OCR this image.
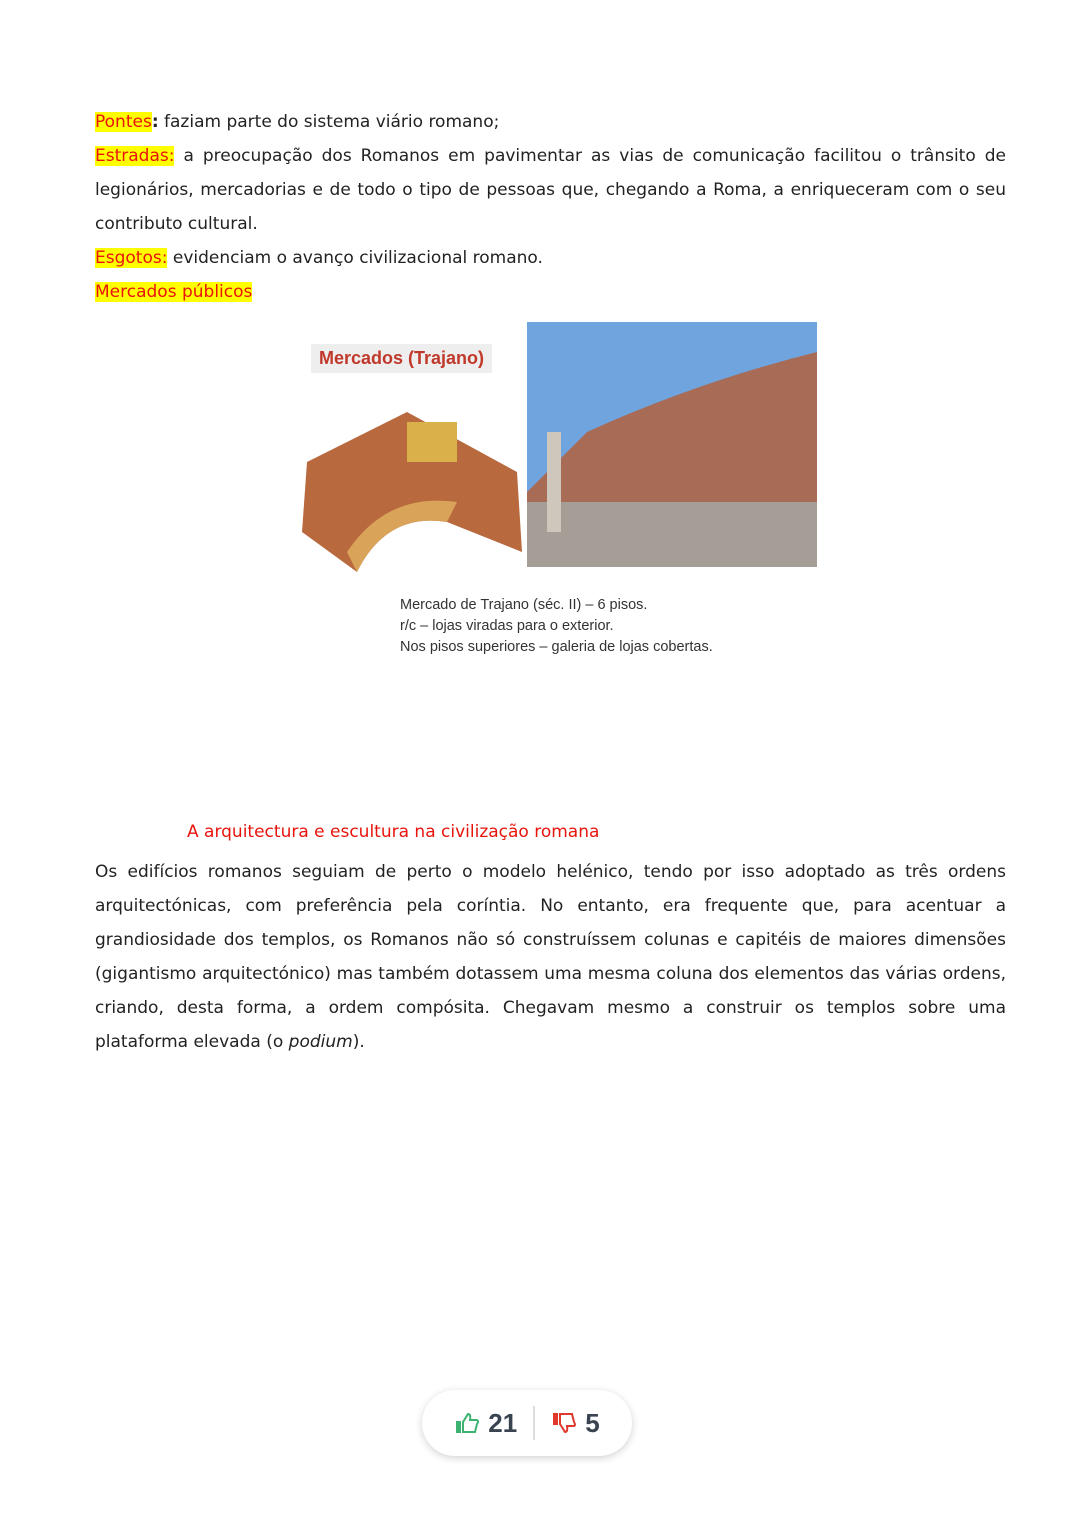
Pontes: faziam parte do sistema viário romano;
Estradas: a preocupação dos Romanos em pavimentar as vias de comunicação facilitou o trânsito de legionários, mercadorias e de todo o tipo de pessoas que, chegando a Roma, a enriqueceram com o seu contributo cultural.
Esgotos: evidenciam o avanço civilizacional romano.
Mercados públicos
Mercados (Trajano)
Mercado de Trajano (séc. II) – 6 pisos.
r/c – lojas viradas para o exterior.
Nos pisos superiores – galeria de lojas cobertas.
A arquitectura e escultura na civilização romana
Os edifícios romanos seguiam de perto o modelo helénico, tendo por isso adoptado as três ordens arquitectónicas, com preferência pela coríntia. No entanto, era frequente que, para acentuar a grandiosidade dos templos, os Romanos não só construíssem colunas e capitéis de maiores dimensões (gigantismo arquitectónico) mas também dotassem uma mesma coluna dos elementos das várias ordens, criando, desta forma, a ordem compósita. Chegavam mesmo a construir os templos sobre uma plataforma elevada (o podium).
21	5
